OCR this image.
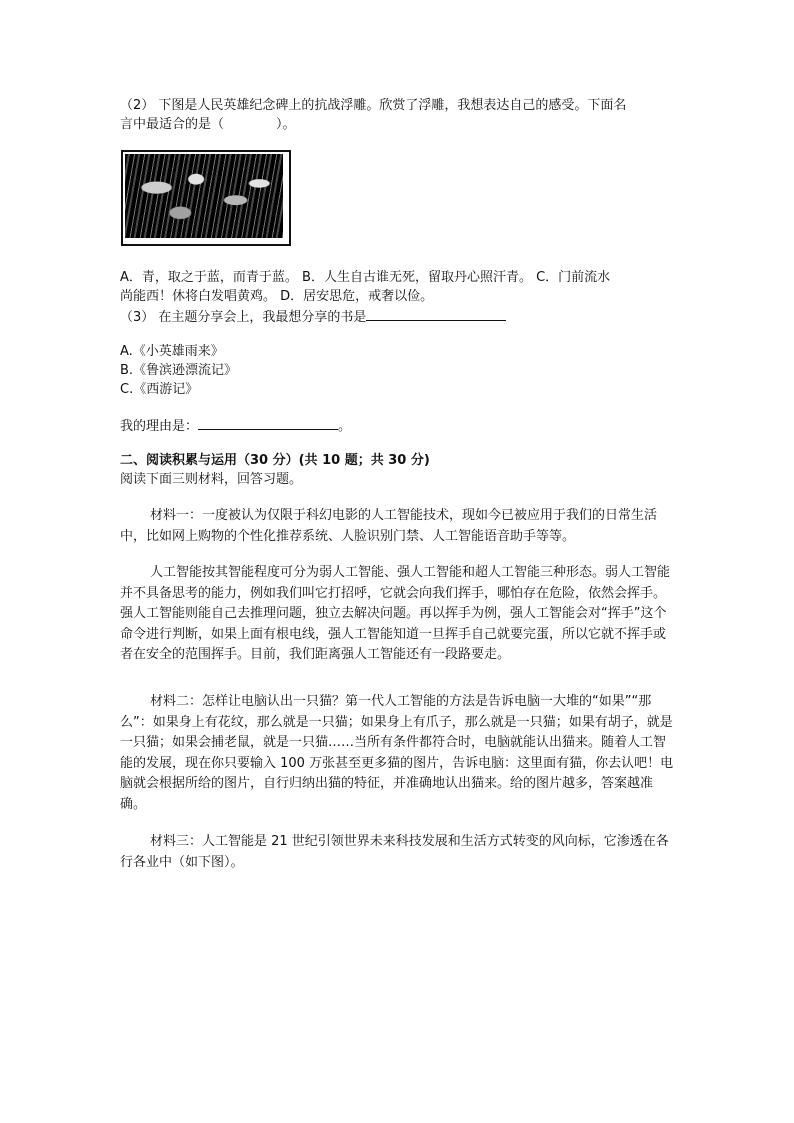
（2） 下图是人民英雄纪念碑上的抗战浮雕。欣赏了浮雕，我想表达自己的感受。下面名
言中最适合的是（　　　　）。
A．青，取之于蓝，而青于蓝。 B．人生自古谁无死，留取丹心照汗青。 C．门前流水
尚能西！休将白发唱黄鸡。 D．居安思危，戒奢以俭。
（3） 在主题分享会上，我最想分享的书是
A.《小英雄雨来》
B.《鲁滨逊漂流记》
C.《西游记》
我的理由是：	。
二、阅读积累与运用（30 分）(共 10 题；共 30 分)
阅读下面三则材料，回答习题。
材料一：一度被认为仅限于科幻电影的人工智能技术，现如今已被应用于我们的日常生活中，比如网上购物的个性化推荐系统、人脸识别门禁、人工智能语音助手等等。
人工智能按其智能程度可分为弱人工智能、强人工智能和超人工智能三种形态。弱人工智能并不具备思考的能力，例如我们叫它打招呼，它就会向我们挥手，哪怕存在危险，依然会挥手。强人工智能则能自己去推理问题，独立去解决问题。再以挥手为例，强人工智能会对“挥手”这个命令进行判断，如果上面有根电线，强人工智能知道一旦挥手自己就要完蛋，所以它就不挥手或者在安全的范围挥手。目前，我们距离强人工智能还有一段路要走。
材料二：怎样让电脑认出一只猫？第一代人工智能的方法是告诉电脑一大堆的“如果”“那么”：如果身上有花纹，那么就是一只猫；如果身上有爪子，那么就是一只猫；如果有胡子，就是一只猫；如果会捕老鼠，就是一只猫……当所有条件都符合时，电脑就能认出猫来。随着人工智能的发展，现在你只要输入 100 万张甚至更多猫的图片，告诉电脑：这里面有猫，你去认吧！电脑就会根据所给的图片，自行归纳出猫的特征，并准确地认出猫来。给的图片越多，答案越准确。
材料三：人工智能是 21 世纪引领世界未来科技发展和生活方式转变的风向标，它渗透在各行各业中（如下图）。
